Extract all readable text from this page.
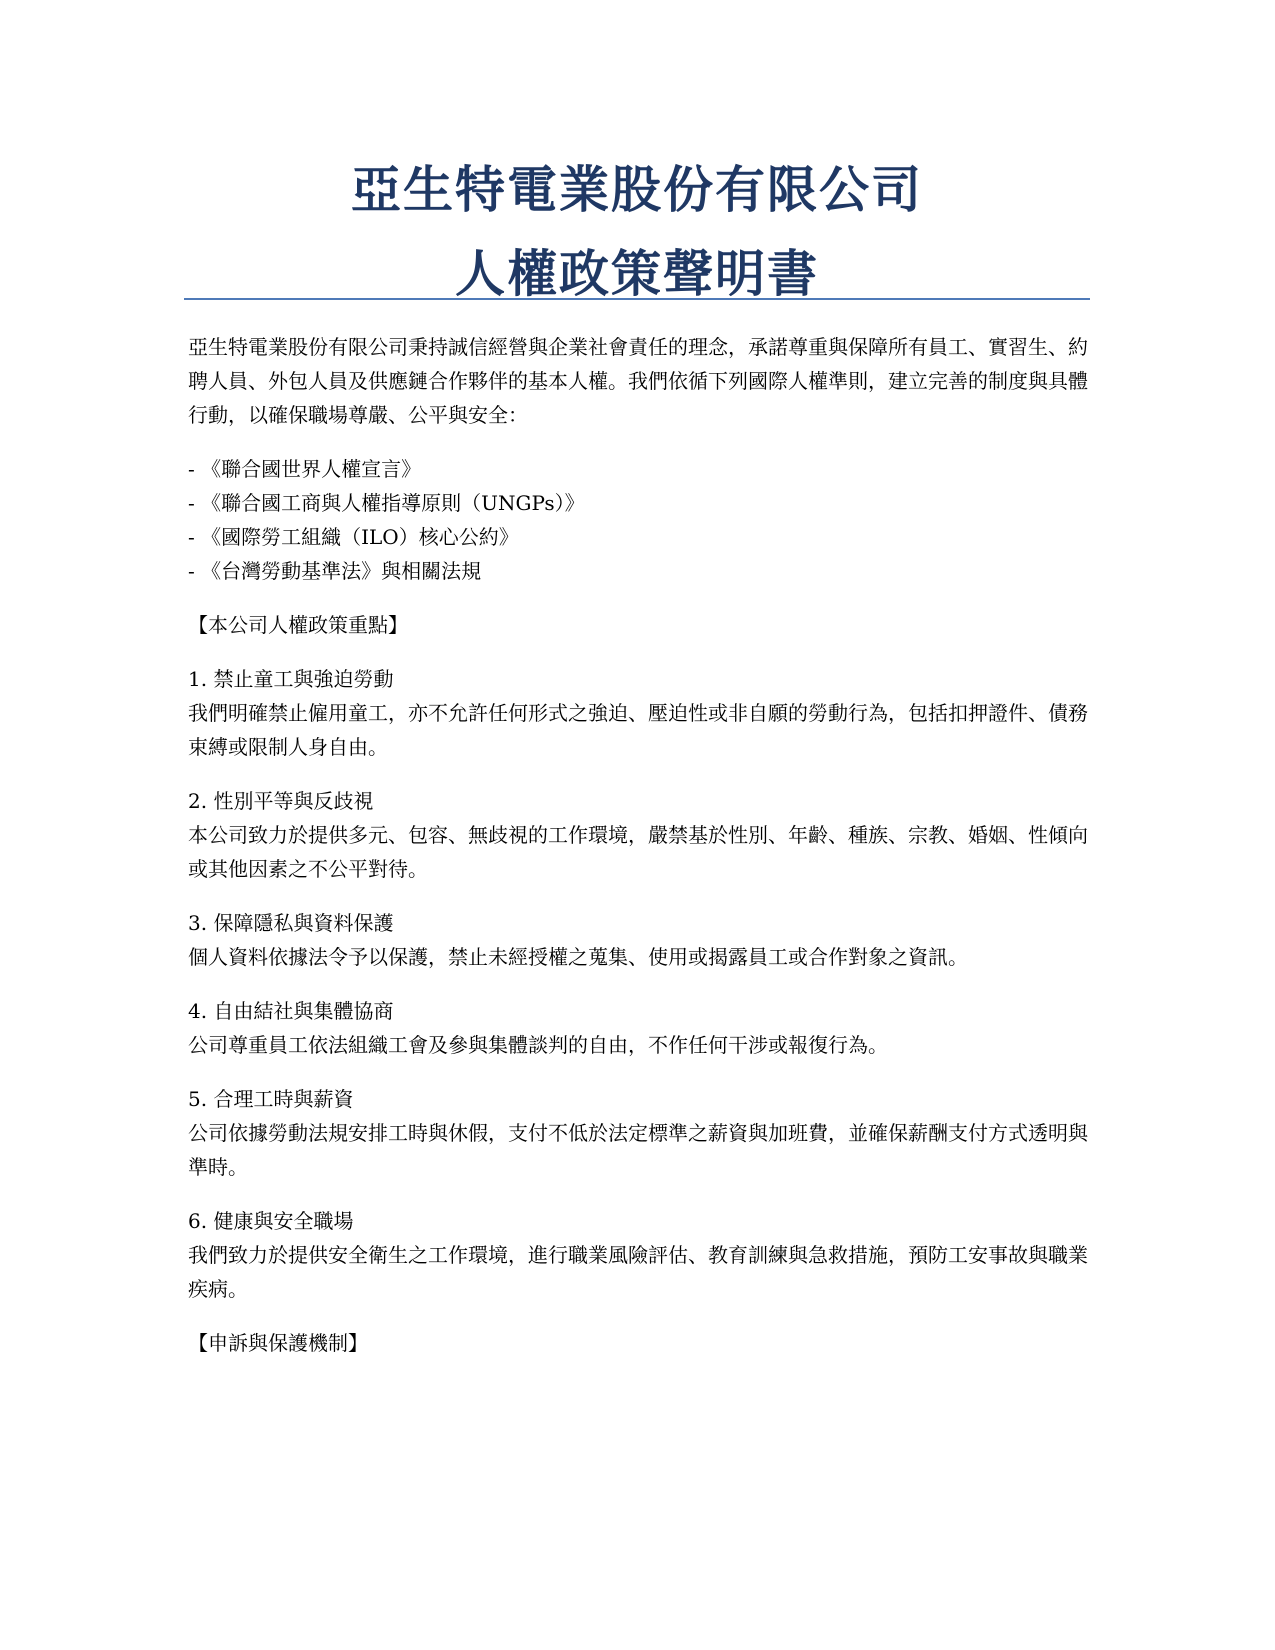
亞生特電業股份有限公司
人權政策聲明書

亞生特電業股份有限公司秉持誠信經營與企業社會責任的理念，承諾尊重與保障所有員工、實習生、約聘人員、外包人員及供應鏈合作夥伴的基本人權。我們依循下列國際人權準則，建立完善的制度與具體行動，以確保職場尊嚴、公平與安全：

- 《聯合國世界人權宣言》
- 《聯合國工商與人權指導原則（UNGPs）》
- 《國際勞工組織（ILO）核心公約》
- 《台灣勞動基準法》與相關法規

【本公司人權政策重點】

1. 禁止童工與強迫勞動
我們明確禁止僱用童工，亦不允許任何形式之強迫、壓迫性或非自願的勞動行為，包括扣押證件、債務束縛或限制人身自由。
2. 性別平等與反歧視
本公司致力於提供多元、包容、無歧視的工作環境，嚴禁基於性別、年齡、種族、宗教、婚姻、性傾向或其他因素之不公平對待。
3. 保障隱私與資料保護
個人資料依據法令予以保護，禁止未經授權之蒐集、使用或揭露員工或合作對象之資訊。
4. 自由結社與集體協商
公司尊重員工依法組織工會及參與集體談判的自由，不作任何干涉或報復行為。
5. 合理工時與薪資
公司依據勞動法規安排工時與休假，支付不低於法定標準之薪資與加班費，並確保薪酬支付方式透明與準時。
6. 健康與安全職場
我們致力於提供安全衛生之工作環境，進行職業風險評估、教育訓練與急救措施，預防工安事故與職業疾病。

【申訴與保護機制】
